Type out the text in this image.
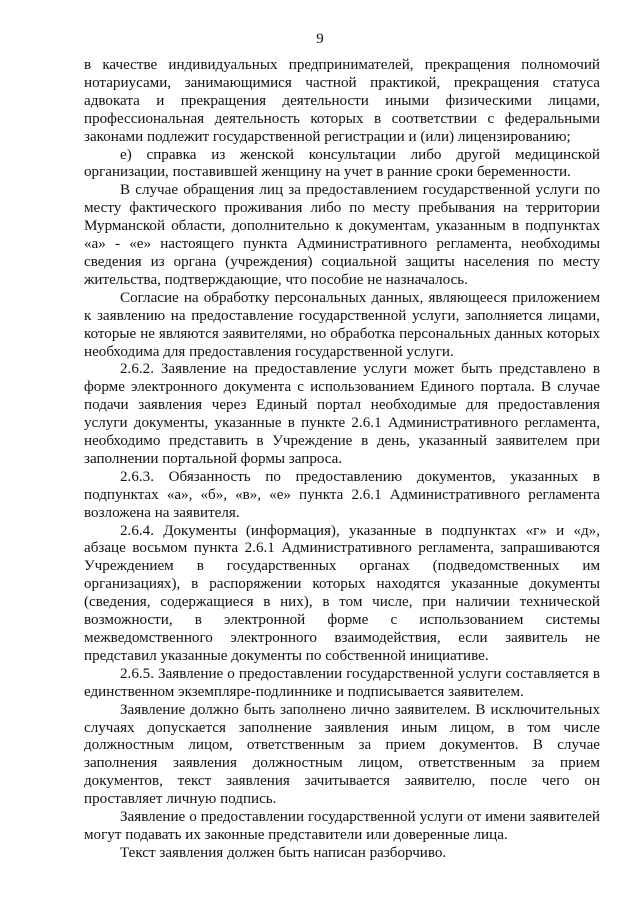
9
в качестве индивидуальных предпринимателей, прекращения полномочий
нотариусами, занимающимися частной практикой, прекращения статуса
адвоката и прекращения деятельности иными физическими лицами,
профессиональная деятельность которых в соответствии с федеральными
законами подлежит государственной регистрации и (или) лицензированию;
е) справка из женской консультации либо другой медицинской
организации, поставившей женщину на учет в ранние сроки беременности.
В случае обращения лиц за предоставлением государственной услуги по
месту фактического проживания либо по месту пребывания на территории
Мурманской области, дополнительно к документам, указанным в подпунктах
«а» - «е» настоящего пункта Административного регламента, необходимы
сведения из органа (учреждения) социальной защиты населения по месту
жительства, подтверждающие, что пособие не назначалось.
Согласие на обработку персональных данных, являющееся приложением
к заявлению на предоставление государственной услуги, заполняется лицами,
которые не являются заявителями, но обработка персональных данных которых
необходима для предоставления государственной услуги.
2.6.2. Заявление на предоставление услуги может быть представлено в
форме электронного документа с использованием Единого портала. В случае
подачи заявления через Единый портал необходимые для предоставления
услуги документы, указанные в пункте 2.6.1 Административного регламента,
необходимо представить в Учреждение в день, указанный заявителем при
заполнении портальной формы запроса.
2.6.3. Обязанность по предоставлению документов, указанных в
подпунктах «а», «б», «в», «е» пункта 2.6.1 Административного регламента
возложена на заявителя.
2.6.4. Документы (информация), указанные в подпунктах «г» и «д»,
абзаце восьмом пункта 2.6.1 Административного регламента, запрашиваются
Учреждением в государственных органах (подведомственных им
организациях), в распоряжении которых находятся указанные документы
(сведения, содержащиеся в них), в том числе, при наличии технической
возможности, в электронной форме с использованием системы
межведомственного электронного взаимодействия, если заявитель не
представил указанные документы по собственной инициативе.
2.6.5. Заявление о предоставлении государственной услуги составляется в
единственном экземпляре-подлиннике и подписывается заявителем.
Заявление должно быть заполнено лично заявителем. В исключительных
случаях допускается заполнение заявления иным лицом, в том числе
должностным лицом, ответственным за прием документов. В случае
заполнения заявления должностным лицом, ответственным за прием
документов, текст заявления зачитывается заявителю, после чего он
проставляет личную подпись.
Заявление о предоставлении государственной услуги от имени заявителей
могут подавать их законные представители или доверенные лица.
Текст заявления должен быть написан разборчиво.
